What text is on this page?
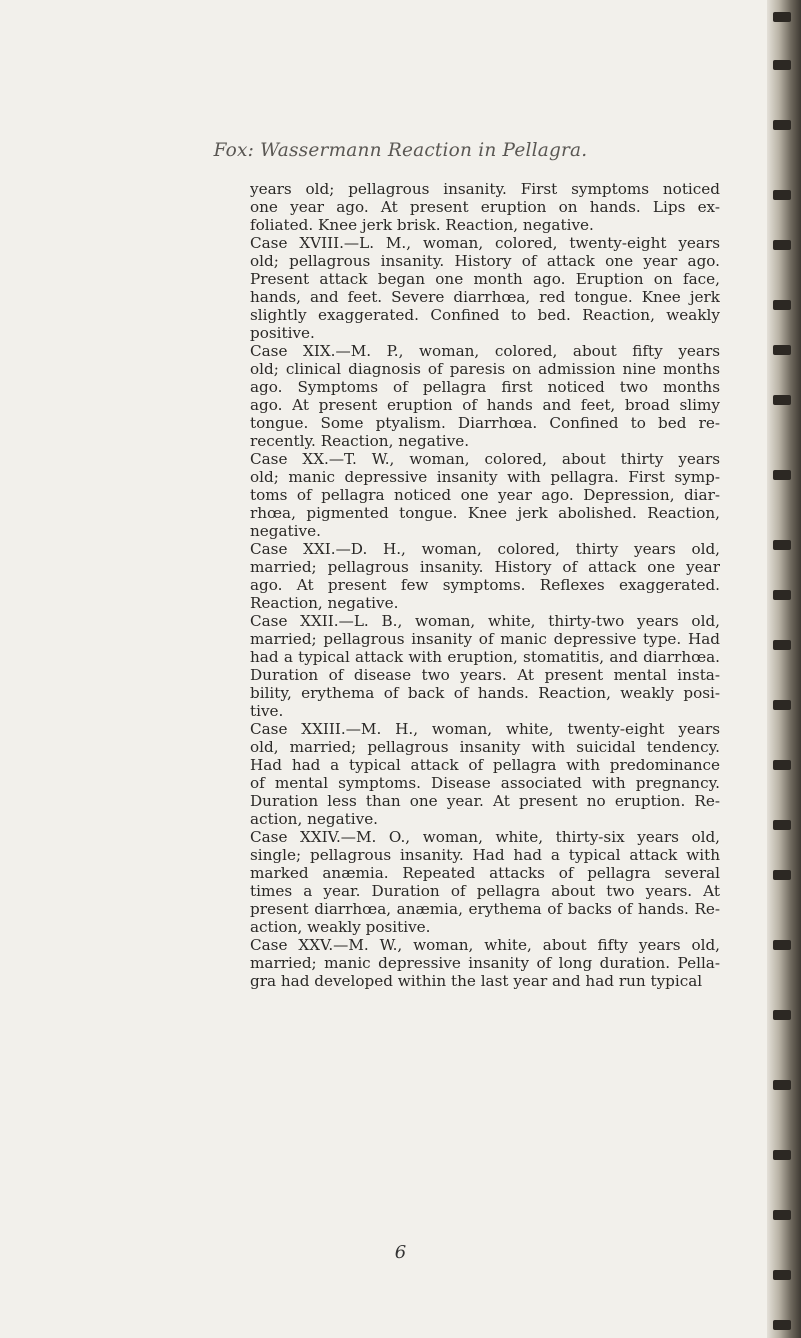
Fox: Wassermann Reaction in Pellagra.
years old; pellagrous insanity. First symptoms noticed
one year ago. At present eruption on hands. Lips ex-
foliated. Knee jerk brisk. Reaction, negative.
Case XVIII.—L. M., woman, colored, twenty-eight years
old; pellagrous insanity. History of attack one year ago.
Present attack began one month ago. Eruption on face,
hands, and feet. Severe diarrhœa, red tongue. Knee jerk
slightly exaggerated. Confined to bed. Reaction, weakly
positive.
Case XIX.—M. P., woman, colored, about fifty years
old; clinical diagnosis of paresis on admission nine months
ago. Symptoms of pellagra first noticed two months
ago. At present eruption of hands and feet, broad slimy
tongue. Some ptyalism. Diarrhœa. Confined to bed re-
recently. Reaction, negative.
Case XX.—T. W., woman, colored, about thirty years
old; manic depressive insanity with pellagra. First symp-
toms of pellagra noticed one year ago. Depression, diar-
rhœa, pigmented tongue. Knee jerk abolished. Reaction,
negative.
Case XXI.—D. H., woman, colored, thirty years old,
married; pellagrous insanity. History of attack one year
ago. At present few symptoms. Reflexes exaggerated.
Reaction, negative.
Case XXII.—L. B., woman, white, thirty-two years old,
married; pellagrous insanity of manic depressive type. Had
had a typical attack with eruption, stomatitis, and diarrhœa.
Duration of disease two years. At present mental insta-
bility, erythema of back of hands. Reaction, weakly posi-
tive.
Case XXIII.—M. H., woman, white, twenty-eight years
old, married; pellagrous insanity with suicidal tendency.
Had had a typical attack of pellagra with predominance
of mental symptoms. Disease associated with pregnancy.
Duration less than one year. At present no eruption. Re-
action, negative.
Case XXIV.—M. O., woman, white, thirty-six years old,
single; pellagrous insanity. Had had a typical attack with
marked anæmia. Repeated attacks of pellagra several
times a year. Duration of pellagra about two years. At
present diarrhœa, anæmia, erythema of backs of hands. Re-
action, weakly positive.
Case XXV.—M. W., woman, white, about fifty years old,
married; manic depressive insanity of long duration. Pella-
gra had developed within the last year and had run typical
6
